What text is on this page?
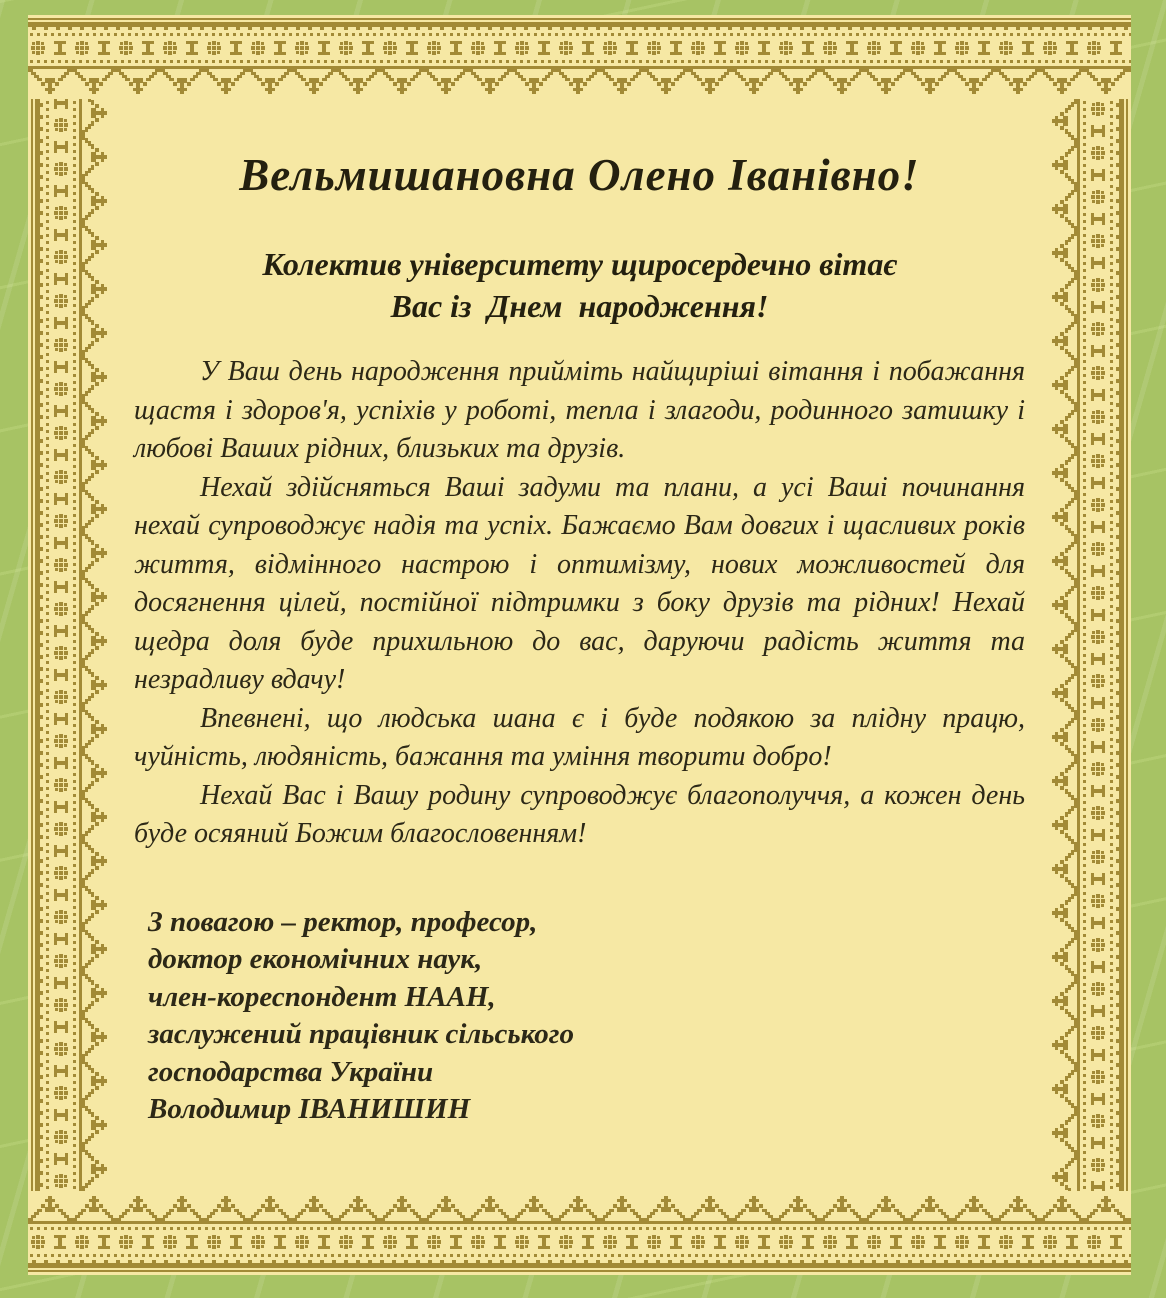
Вельмишановна Олено Іванівно!
Колектив університету щиросердечно вітає
Вас із  Днем  народження!

У Ваш день народження прийміть найщиріші вітання і побажання щастя і здоров'я, успіхів у роботі, тепла і злагоди, родинного затишку і любові Ваших рідних, близьких та друзів.

Нехай здійсняться Ваші задуми та плани, а усі Ваші починання нехай супроводжує надія та успіх. Бажаємо Вам довгих і щасливих років життя, відмінного настрою і оптимізму, нових можливостей для досягнення цілей, постійної підтримки з боку друзів та рідних! Нехай щедра доля буде прихильною до вас, даруючи радість життя та незрадливу вдачу!

Впевнені, що людська шана є і буде подякою за плідну працю, чуйність, людяність, бажання та уміння творити добро!

Нехай Вас і Вашу родину супроводжує благополуччя, а кожен день буде осяяний Божим благословенням!

З повагою – ректор, професор,
доктор економічних наук,
член-кореспондент НААН,
заслужений працівник сільського
господарства України
Володимир ІВАНИШИН
